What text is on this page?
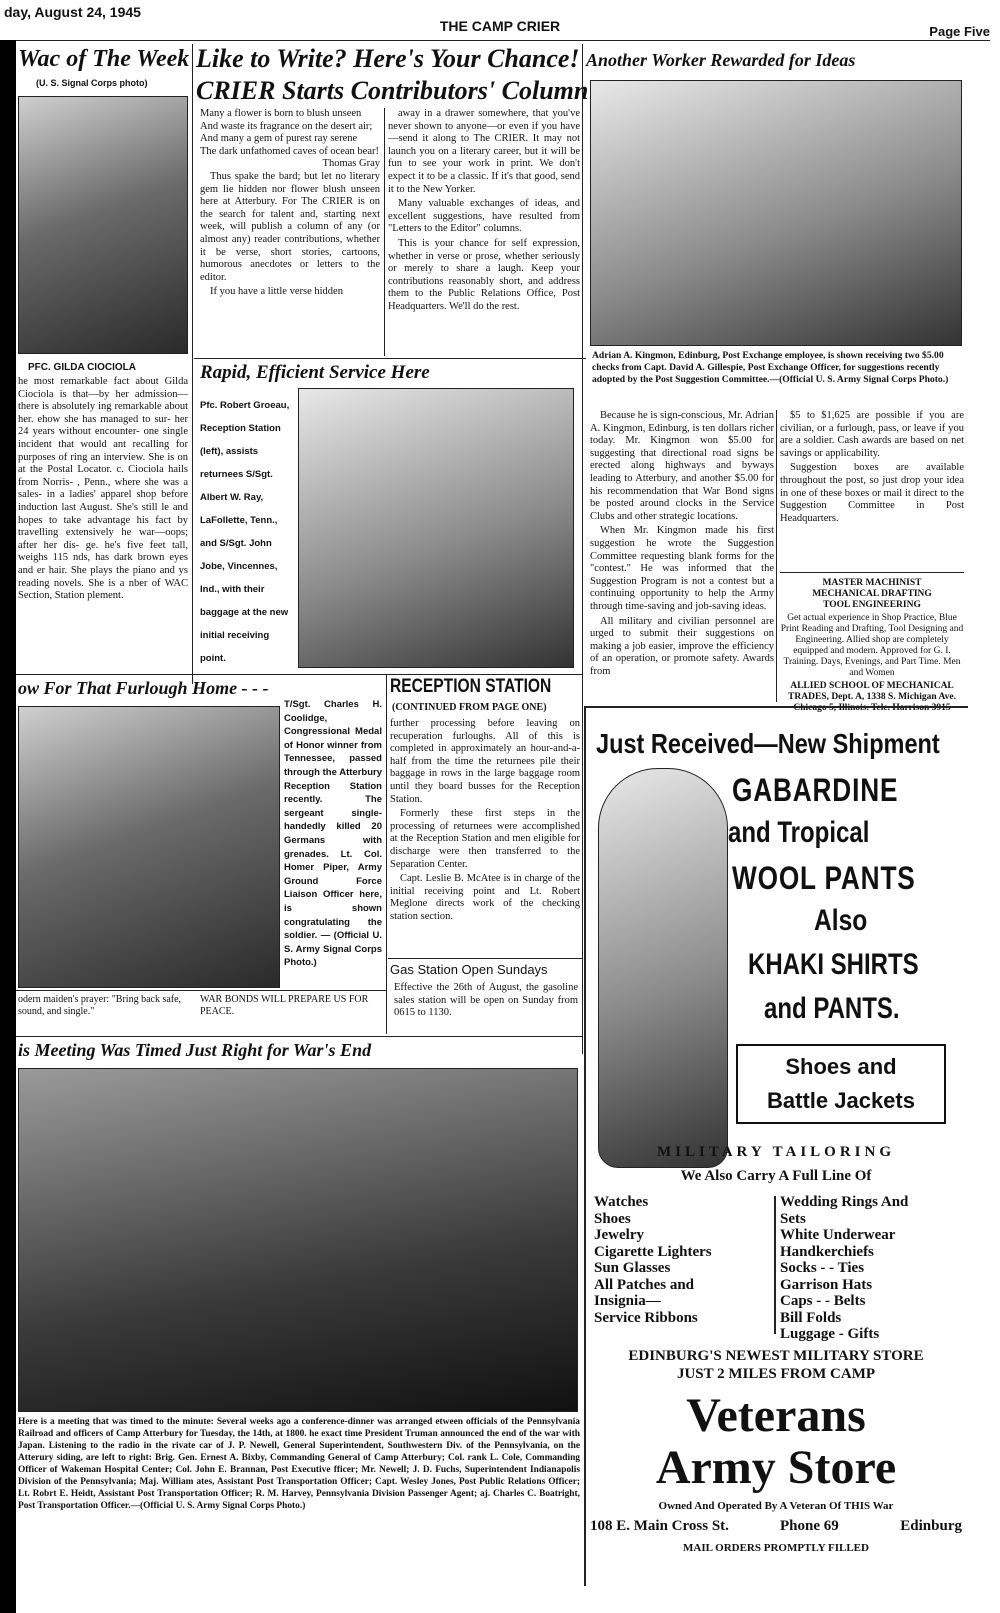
day, August 24, 1945
THE CAMP CRIER	Page Five
Wac of The Week
(U. S. Signal Corps photo)
PFC. GILDA CIOCIOLA
he most remarkable fact about Gilda Ciociola is that—by her admission—there is absolutely ing remarkable about her. ehow she has managed to sur- her 24 years without encounter- one single incident that would ant recalling for purposes of ring an interview. She is on at the Postal Locator. c. Ciociola hails from Norris- , Penn., where she was a sales- in a ladies' apparel shop before induction last August. She's still le and hopes to take advantage his fact by travelling extensively he war—oops; after her dis- ge. he's five feet tall, weighs 115 nds, has dark brown eyes and er hair. She plays the piano and ys reading novels. She is a nber of WAC Section, Station plement.
Like to Write? Here's Your Chance!
CRIER Starts Contributors' Column
Many a flower is born to blush unseen
And waste its fragrance on the desert air;
And many a gem of purest ray serene
The dark unfathomed caves of ocean bear!
Thomas Gray

Thus spake the bard; but let no literary gem lie hidden nor flower blush unseen here at Atterbury. For The CRIER is on the search for talent and, starting next week, will publish a column of any (or almost any) reader contributions, whether it be verse, short stories, cartoons, humorous anecdotes or letters to the editor.

If you have a little verse hidden

away in a drawer somewhere, that you've never shown to anyone—or even if you have—send it along to The CRIER. It may not launch you on a literary career, but it will be fun to see your work in print. We don't expect it to be a classic. If it's that good, send it to the New Yorker.

Many valuable exchanges of ideas, and excellent suggestions, have resulted from "Letters to the Editor" columns.

This is your chance for self expression, whether in verse or prose, whether seriously or merely to share a laugh. Keep your contributions reasonably short, and address them to the Public Relations Office, Post Headquarters. We'll do the rest.

Rapid, Efficient Service Here
Pfc. Robert Groeau, Reception Station (left), assists returnees S/Sgt. Albert W. Ray, LaFollette, Tenn., and S/Sgt. John Jobe, Vincennes, Ind., with their baggage at the new initial receiving point.
Another Worker Rewarded for Ideas
Adrian A. Kingmon, Edinburg, Post Exchange employee, is shown receiving two $5.00 checks from Capt. David A. Gillespie, Post Exchange Officer, for suggestions recently adopted by the Post Suggestion Committee.—(Official U. S. Army Signal Corps Photo.)

Because he is sign-conscious, Mr. Adrian A. Kingmon, Edinburg, is ten dollars richer today. Mr. Kingmon won $5.00 for suggesting that directional road signs be erected along highways and byways leading to Atterbury, and another $5.00 for his recommendation that War Bond signs be posted around clocks in the Service Clubs and other strategic locations.

When Mr. Kingmon made his first suggestion he wrote the Suggestion Committee requesting blank forms for the "contest." He was informed that the Suggestion Program is not a contest but a continuing opportunity to help the Army through time-saving and job-saving ideas.

All military and civilian personnel are urged to submit their suggestions on making a job easier, improve the efficiency of an operation, or promote safety. Awards from

$5 to $1,625 are possible if you are civilian, or a furlough, pass, or leave if you are a soldier. Cash awards are based on net savings or applicability.

Suggestion boxes are available throughout the post, so just drop your idea in one of these boxes or mail it direct to the Suggestion Committee in Post Headquarters.

MASTER MACHINIST
MECHANICAL DRAFTING
TOOL ENGINEERING
Get actual experience in Shop Practice, Blue Print Reading and Drafting, Tool Designing and Engineering. Allied shop are completely equipped and modern. Approved for G. I. Training. Days, Evenings, and Part Time. Men and Women
ALLIED SCHOOL OF MECHANICAL TRADES, Dept. A, 1338 S. Michigan Ave. Chicago 5, Illinois. Tele. Harrison 3915
ow For That Furlough Home - - -
T/Sgt. Charles H. Coolidge, Congressional Medal of Honor winner from Tennessee, passed through the Atterbury Reception Station recently. The sergeant single-handedly killed 20 Germans with grenades. Lt. Col. Homer Piper, Army Ground Force Liaison Officer here, is shown congratulating the soldier. — (Official U. S. Army Signal Corps Photo.)
odern maiden's prayer: "Bring back safe, sound, and single."
WAR BONDS WILL PREPARE US FOR PEACE.
RECEPTION STATION
(CONTINUED FROM PAGE ONE)

further processing before leaving on recuperation furloughs. All of this is completed in approximately an hour-and-a-half from the time the returnees pile their baggage in rows in the large baggage room until they board busses for the Reception Station.

Formerly these first steps in the processing of returnees were accomplished at the Reception Station and men eligible for discharge were then transferred to the Separation Center.

Capt. Leslie B. McAtee is in charge of the initial receiving point and Lt. Robert Meglone directs work of the checking station section.

Gas Station Open Sundays
Effective the 26th of August, the gasoline sales station will be open on Sunday from 0615 to 1130.
is Meeting Was Timed Just Right for War's End
Here is a meeting that was timed to the minute: Several weeks ago a conference-dinner was arranged etween officials of the Pennsylvania Railroad and officers of Camp Atterbury for Tuesday, the 14th, at 1800. he exact time President Truman announced the end of the war with Japan. Listening to the radio in the rivate car of J. P. Newell, General Superintendent, Southwestern Div. of the Pennsylvania, on the Atterury siding, are left to right: Brig. Gen. Ernest A. Bixby, Commanding General of Camp Atterbury; Col. rank L. Cole, Commanding Officer of Wakeman Hospital Center; Col. John E. Brannan, Post Executive fficer; Mr. Newell; J. D. Fuchs, Superintendent Indianapolis Division of the Pennsylvania; Maj. William ates, Assistant Post Transportation Officer; Capt. Wesley Jones, Post Public Relations Officer; Lt. Robrt E. Heidt, Assistant Post Transportation Officer; R. M. Harvey, Pennsylvania Division Passenger Agent; aj. Charles C. Boatright, Post Transportation Officer.—(Official U. S. Army Signal Corps Photo.)
Just Received—New Shipment
GABARDINE
and Tropical
WOOL PANTS
Also
KHAKI SHIRTS
and PANTS.
Shoes and
Battle Jackets
MILITARY TAILORING
We Also Carry A Full Line Of
Watches
Shoes
Jewelry
Cigarette Lighters
Sun Glasses
All Patches and
Insignia—
Service Ribbons
Wedding Rings And
Sets
White Underwear
Handkerchiefs
Socks - - Ties
Garrison Hats
Caps - - Belts
Bill Folds
Luggage - Gifts
EDINBURG'S NEWEST MILITARY STORE
JUST 2 MILES FROM CAMP
Veterans
Army Store
Owned And Operated By A Veteran Of THIS War
108 E. Main Cross St.	Phone 69	Edinburg
MAIL ORDERS PROMPTLY FILLED
